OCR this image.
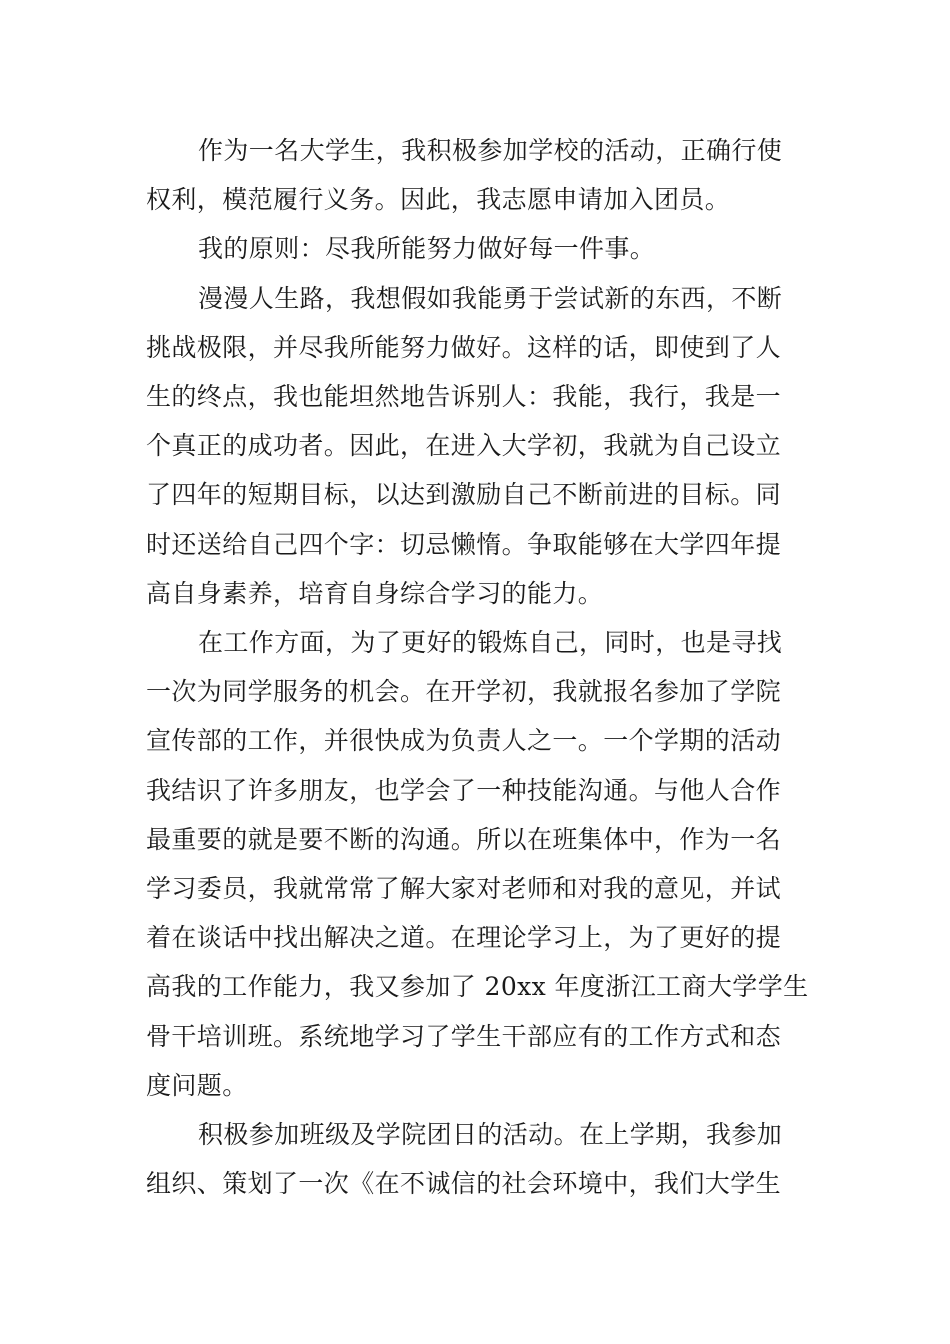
作为一名大学生，我积极参加学校的活动，正确行使
权利，模范履行义务。因此，我志愿申请加入团员。
我的原则：尽我所能努力做好每一件事。
漫漫人生路，我想假如我能勇于尝试新的东西，不断
挑战极限，并尽我所能努力做好。这样的话，即使到了人
生的终点，我也能坦然地告诉别人：我能，我行，我是一
个真正的成功者。因此，在进入大学初，我就为自己设立
了四年的短期目标，以达到激励自己不断前进的目标。同
时还送给自己四个字：切忌懒惰。争取能够在大学四年提
高自身素养，培育自身综合学习的能力。
在工作方面，为了更好的锻炼自己，同时，也是寻找
一次为同学服务的机会。在开学初，我就报名参加了学院
宣传部的工作，并很快成为负责人之一。一个学期的活动
我结识了许多朋友，也学会了一种技能沟通。与他人合作
最重要的就是要不断的沟通。所以在班集体中，作为一名
学习委员，我就常常了解大家对老师和对我的意见，并试
着在谈话中找出解决之道。在理论学习上，为了更好的提
高我的工作能力，我又参加了 20xx 年度浙江工商大学学生
骨干培训班。系统地学习了学生干部应有的工作方式和态
度问题。
积极参加班级及学院团日的活动。在上学期，我参加
组织、策划了一次《在不诚信的社会环境中，我们大学生
